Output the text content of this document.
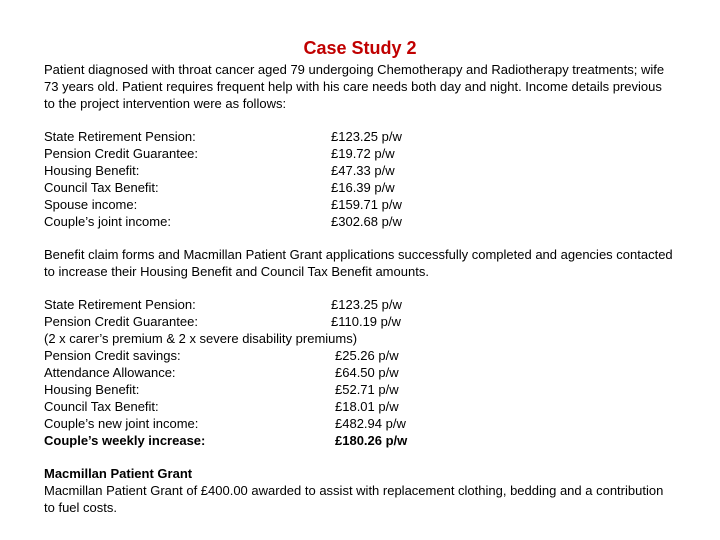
Case Study 2
Patient diagnosed with throat cancer aged 79 undergoing Chemotherapy and Radiotherapy treatments; wife 73 years old. Patient requires frequent help with his care needs both day and night. Income details previous to the project intervention were as follows:
State Retirement Pension:	£123.25 p/w
Pension Credit Guarantee:	£19.72 p/w
Housing Benefit:	£47.33 p/w
Council Tax Benefit:	£16.39 p/w
Spouse income:	£159.71 p/w
Couple’s joint income:	£302.68 p/w
Benefit claim forms and Macmillan Patient Grant applications successfully completed and agencies contacted to increase their Housing Benefit and Council Tax Benefit amounts.
State Retirement Pension:	£123.25 p/w
Pension Credit Guarantee:	£110.19 p/w
(2 x carer’s premium & 2 x severe disability premiums)
Pension Credit savings:	£25.26 p/w
Attendance Allowance:	£64.50 p/w
Housing Benefit:	£52.71 p/w
Council Tax Benefit:	£18.01 p/w
Couple’s new joint income:	£482.94 p/w
Couple’s weekly increase:	£180.26 p/w
Macmillan Patient Grant
Macmillan Patient Grant of £400.00 awarded to assist with replacement clothing, bedding and a contribution to fuel costs.
